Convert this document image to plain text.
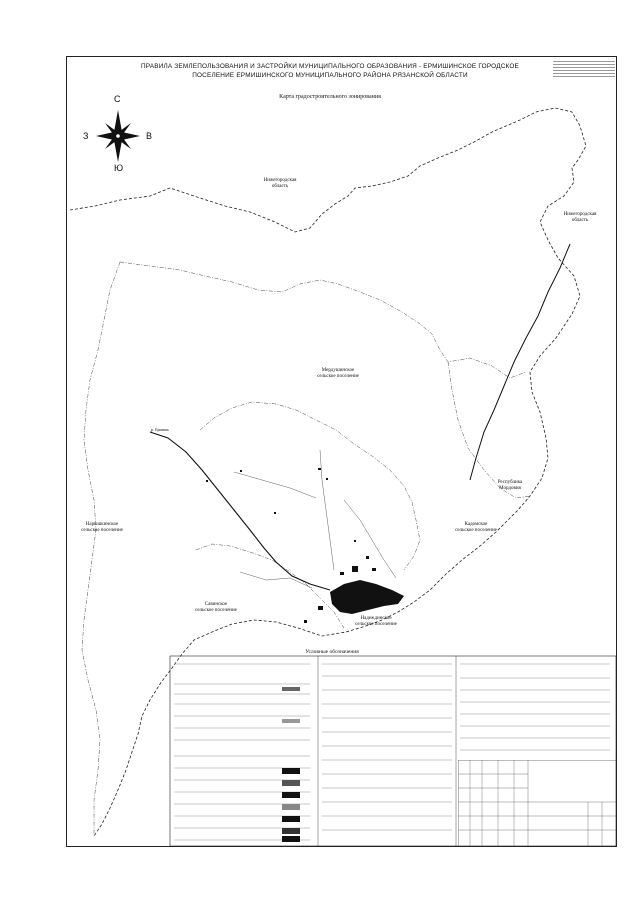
ПРАВИЛА ЗЕМЛЕПОЛЬЗОВАНИЯ И ЗАСТРОЙКИ МУНИЦИПАЛЬНОГО ОБРАЗОВАНИЯ - ЕРМИШИНСКОЕ ГОРОДСКОЕ
ПОСЕЛЕНИЕ ЕРМИШИНСКОГО МУНИЦИПАЛЬНОГО РАЙОНА РЯЗАНСКОЙ ОБЛАСТИ
Карта градостроительного зонирования
С
Ю
З	В
Нижегородская
область
Нижегородская
область
Мердушинское
сельское поселение
Республика
Мордовия
Кадомское
сельское поселение
Нарышкинское
сельское поселение
Савинское
сельское поселение
Надеждинское
сельское поселение
р. Ермишь
Условные обозначения
